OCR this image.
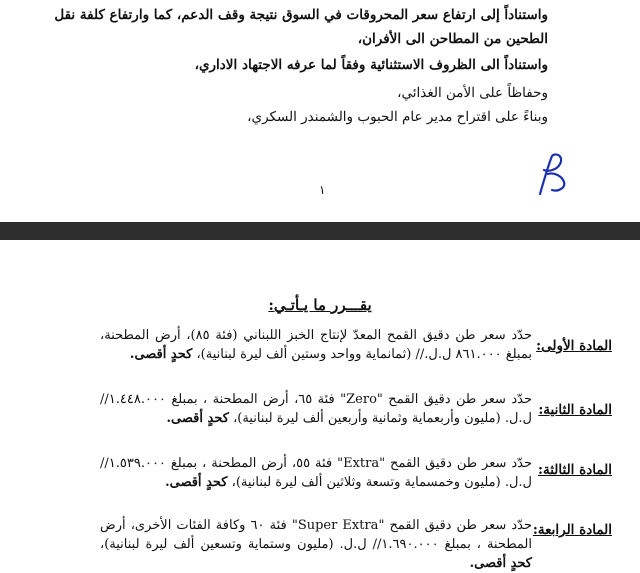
واستناداً إلى ارتفاع سعر المحروقات في السوق نتيجة وقف الدعم، كما وارتفاع كلفة نقل
الطحين من المطاحن الى الأفران،
واستناداً الى الظروف الاستثنائية وفقاً لما عرفه الاجتهاد الاداري،
وحفاظاً على الأمن الغذائي،
وبناءً على اقتراح مدير عام الحبوب والشمندر السكري،
١
يقـــرر ما يـأتـي:
المادة الأولى:
حدّد سعر طن دقيق القمح المعدّ لإنتاج الخبز اللبناني (فئة ٨٥)، أرض المطحنة، بمبلغ ٨٦١.٠٠٠ ل.ل.// (ثمانماية وواحد وستين ألف ليرة لبنانية)، كحدٍ أقصى.
المادة الثانية:
حدّد سعر طن دقيق القمح "Zero" فئة ٦٥، أرض المطحنة ، بمبلغ ١.٤٤٨.٠٠٠// ل.ل. (مليون وأربعماية وثمانية وأربعين ألف ليرة لبنانية)، كحدٍ أقصى.
المادة الثالثة:
حدّد سعر طن دقيق القمح "Extra" فئة ٥٥، أرض المطحنة ، بمبلغ ١.٥٣٩.٠٠٠// ل.ل. (مليون وخمسماية وتسعة وثلاثين ألف ليرة لبنانية)، كحدٍ أقصى.
المادة الرابعة:
حدّد سعر طن دقيق القمح "Super Extra" فئة ٦٠ وكافة الفئات الأخرى، أرض المطحنة ، بمبلغ ١.٦٩٠.٠٠٠// ل.ل. (مليون وستماية وتسعين ألف ليرة لبنانية)، كحدٍ أقصى.
